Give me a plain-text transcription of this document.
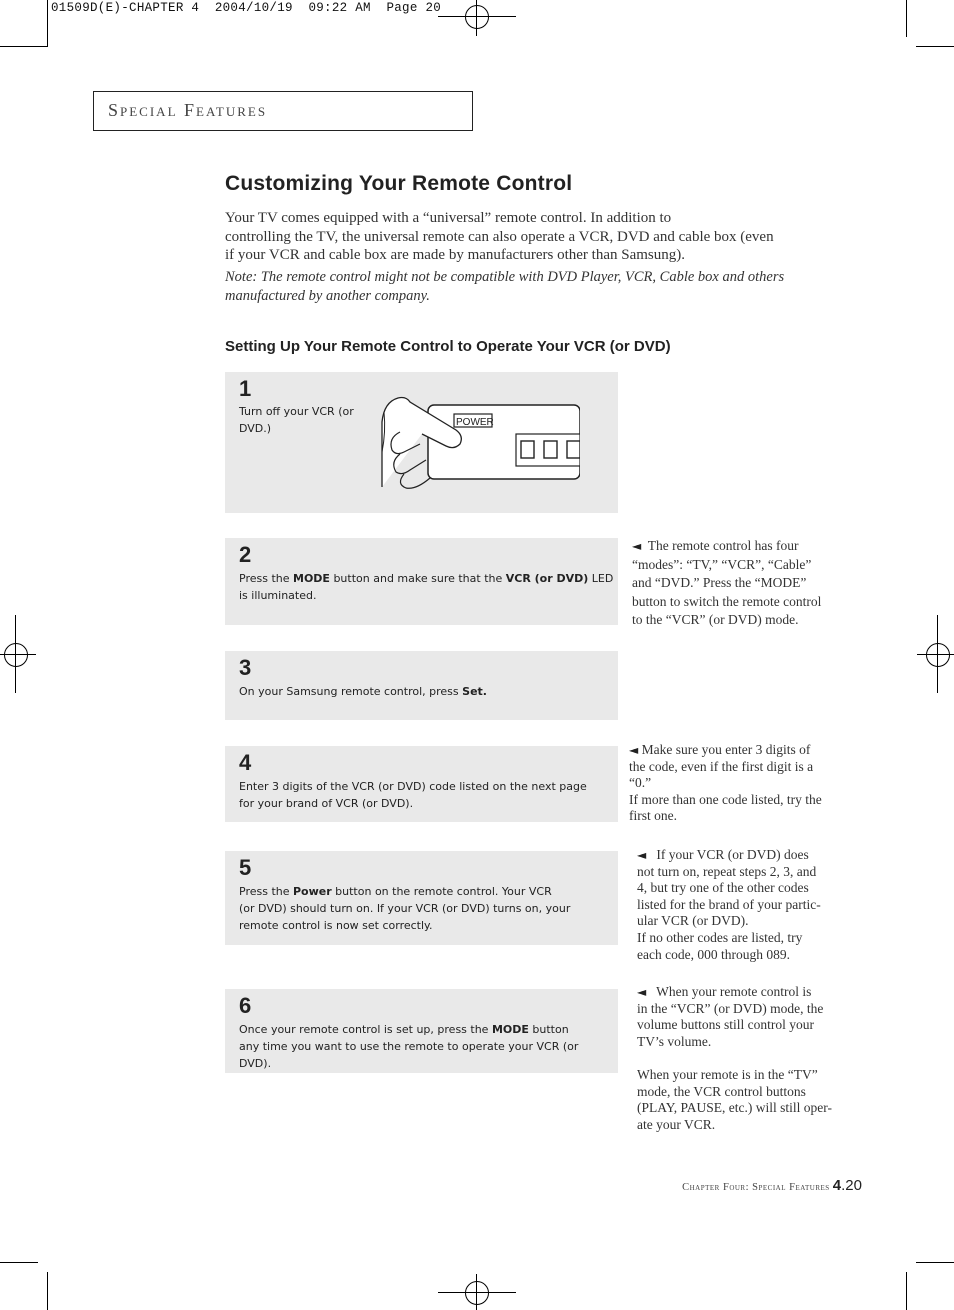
01509D(E)-CHAPTER 4  2004/10/19  09:22 AM  Page 20
Special Features
Customizing Your Remote Control
Your TV comes equipped with a “universal” remote control. In addition to
controlling the TV, the universal remote can also operate a VCR, DVD and cable box (even
if your VCR and cable box are made by manufacturers other than Samsung).
Note: The remote control might not be compatible with DVD Player, VCR, Cable box and others
manufactured by another company.
Setting Up Your Remote Control to Operate Your VCR (or DVD)
1
Turn off your VCR (or
DVD.)	POWER
2
Press the MODE button and make sure that the VCR (or DVD) LED
is illuminated.
3
On your Samsung remote control, press Set.
4
Enter 3 digits of the VCR (or DVD) code listed on the next page
for your brand of VCR (or DVD).
5
Press the Power button on the remote control. Your VCR
(or DVD) should turn on. If your VCR (or DVD) turns on, your
remote control is now set correctly.
6
Once your remote control is set up, press the MODE button
any time you want to use the remote to operate your VCR (or
DVD).
◄ The remote control has four
“modes”: “TV,” “VCR”, “Cable”
and “DVD.” Press the “MODE”
button to switch the remote control
to the “VCR” (or DVD) mode.
◄ Make sure you enter 3 digits of
the code, even if the first digit is a
“0.”
If more than one code listed, try the
first one.
◄ If your VCR (or DVD) does
not turn on, repeat steps 2, 3, and
4, but try one of the other codes
listed for the brand of your partic-
ular VCR (or DVD).
If no other codes are listed, try
each code, 000 through 089.
◄ When your remote control is
in the “VCR” (or DVD) mode, the
volume buttons still control your
TV’s volume.
When your remote is in the “TV”
mode, the VCR control buttons
(PLAY, PAUSE, etc.) will still oper-
ate your VCR.
Chapter Four: Special Features 4.20
